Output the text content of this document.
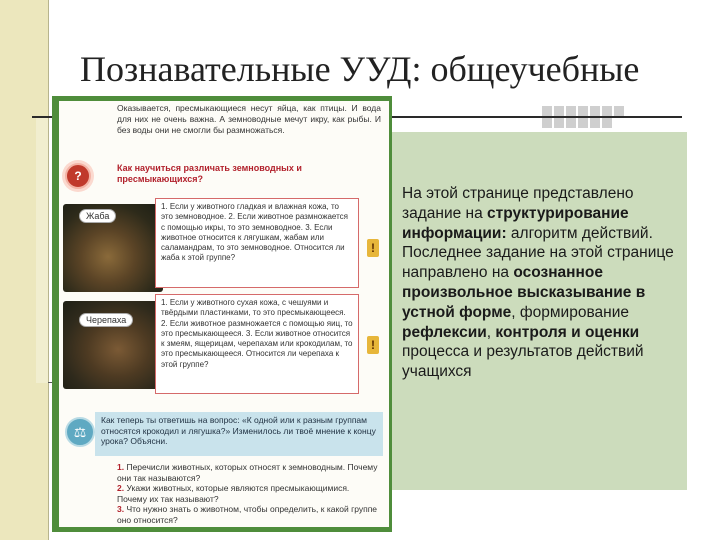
Познавательные УУД: общеучебные
Оказывается, пресмыкающиеся несут яйца, как птицы. И вода для них не очень важна. А земноводные мечут икру, как рыбы. И без воды они не смогли бы размножаться.
?
Как научиться различать земноводных и пресмыкающихся?
Жаба
1. Если у животного гладкая и влажная кожа, то это земноводное. 2. Если животное размножается с помощью икры, то это земноводное. 3. Если животное относится к лягушкам, жабам или саламандрам, то это земноводное. Относится ли жаба к этой группе?
!
Черепаха
1. Если у животного сухая кожа, с чешуями и твёрдыми пластинками, то это пресмыкающееся. 2. Если животное размножается с помощью яиц, то это пресмыкающееся. 3. Если животное относится к змеям, ящерицам, черепахам или крокодилам, то это пресмыкающееся. Относится ли черепаха к этой группе?
!
⚖
Как теперь ты ответишь на вопрос: «К одной или к разным группам относятся крокодил и лягушка?» Изменилось ли твоё мнение к концу урока? Объясни.
1. Перечисли животных, которых относят к земноводным. Почему они так называются?
2. Укажи животных, которые являются пресмыкающимися. Почему их так называют?
3. Что нужно знать о животном, чтобы определить, к какой группе оно относится?
На этой странице представлено задание на структурирование информации: алгоритм действий. Последнее задание на этой странице направлено на осознанное произвольное высказывание в устной форме, формирование рефлексии, контроля и оценки процесса и результатов действий учащихся
